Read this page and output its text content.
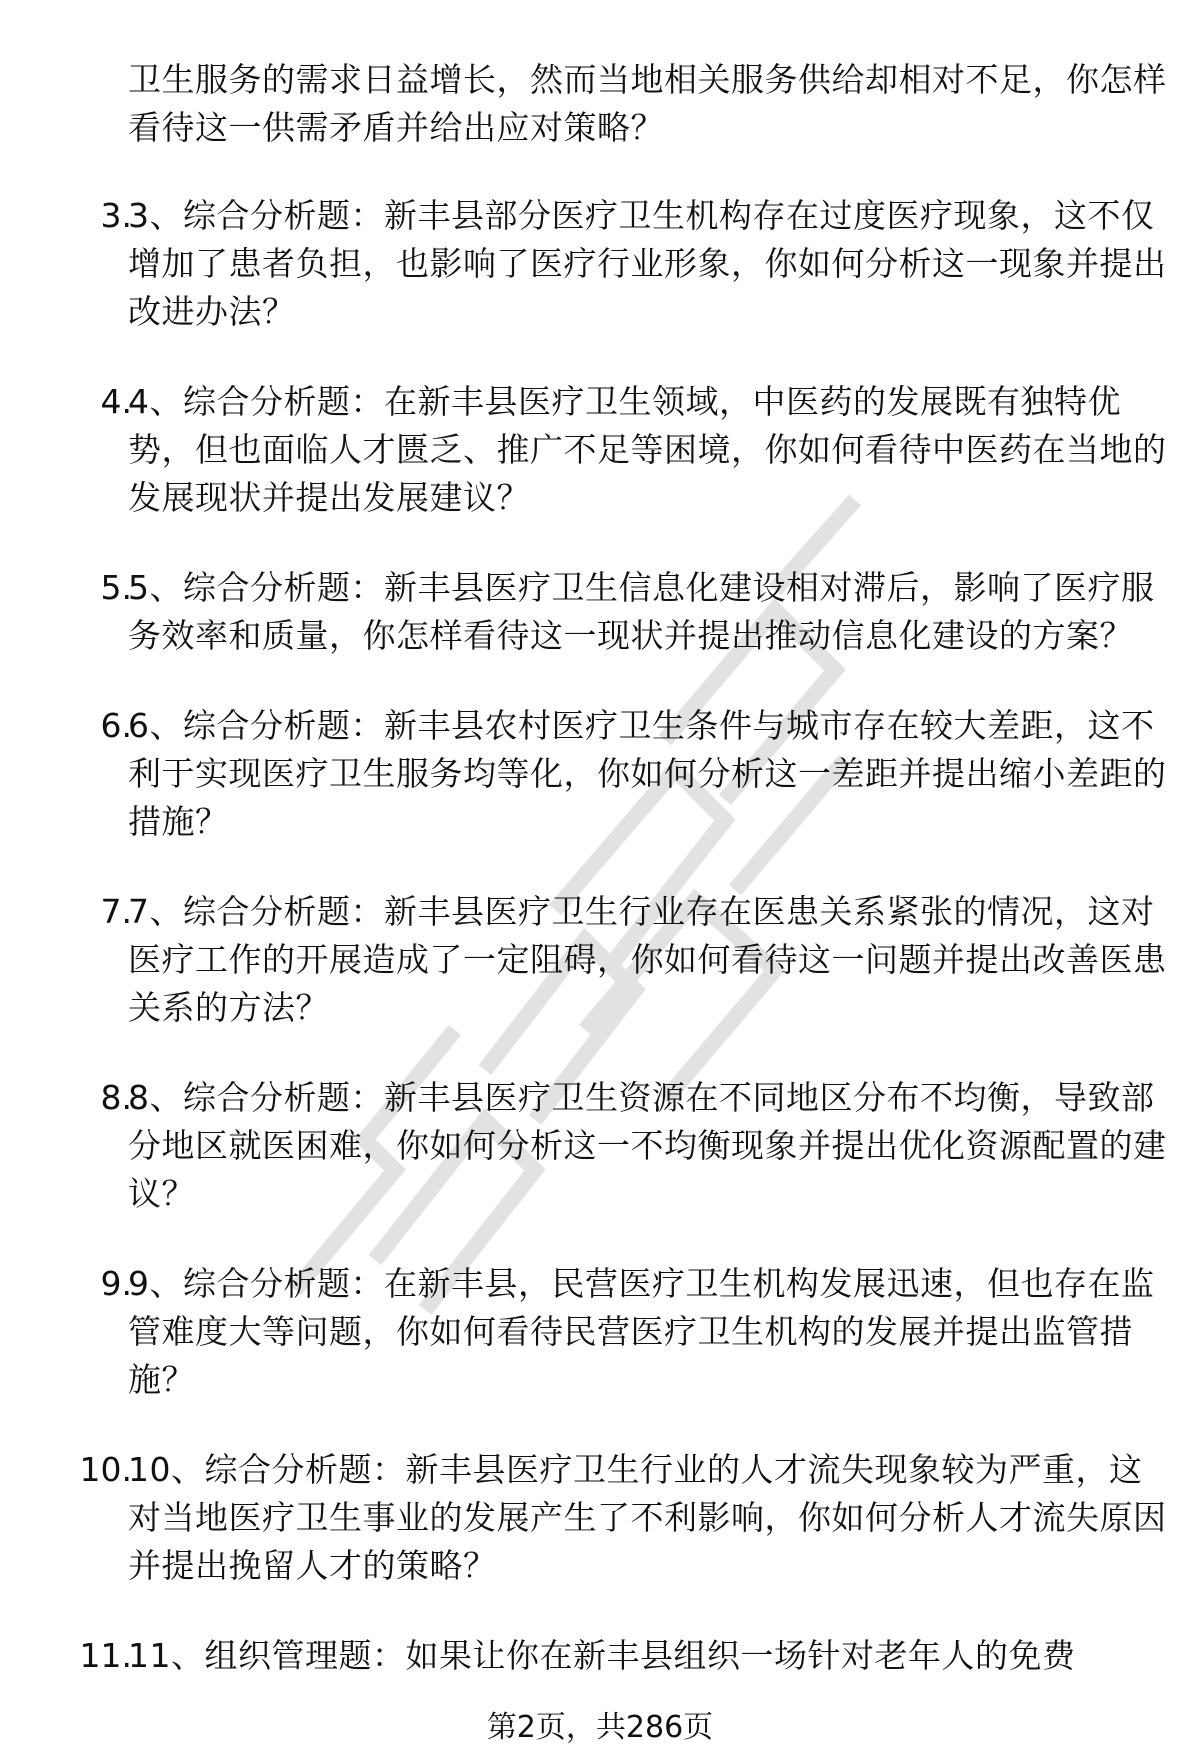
职业资格
卫生服务的需求日益增长，然而当地相关服务供给却相对不足，你怎样看待这一供需矛盾并给出应对策略？
3.
3、综合分析题：新丰县部分医疗卫生机构存在过度医疗现象，这不仅增加了患者负担，也影响了医疗行业形象，你如何分析这一现象并提出改进办法？
4.
4、综合分析题：在新丰县医疗卫生领域，中医药的发展既有独特优势，但也面临人才匮乏、推广不足等困境，你如何看待中医药在当地的发展现状并提出发展建议？
5.
5、综合分析题：新丰县医疗卫生信息化建设相对滞后，影响了医疗服务效率和质量，你怎样看待这一现状并提出推动信息化建设的方案？
6.
6、综合分析题：新丰县农村医疗卫生条件与城市存在较大差距，这不利于实现医疗卫生服务均等化，你如何分析这一差距并提出缩小差距的措施？
7.
7、综合分析题：新丰县医疗卫生行业存在医患关系紧张的情况，这对医疗工作的开展造成了一定阻碍，你如何看待这一问题并提出改善医患关系的方法？
8.
8、综合分析题：新丰县医疗卫生资源在不同地区分布不均衡，导致部分地区就医困难，你如何分析这一不均衡现象并提出优化资源配置的建议？
9.
9、综合分析题：在新丰县，民营医疗卫生机构发展迅速，但也存在监管难度大等问题，你如何看待民营医疗卫生机构的发展并提出监管措施？
10.
10、综合分析题：新丰县医疗卫生行业的人才流失现象较为严重，这对当地医疗卫生事业的发展产生了不利影响，你如何分析人才流失原因并提出挽留人才的策略？
11.
11、组织管理题：如果让你在新丰县组织一场针对老年人的免费
第2页，共286页
